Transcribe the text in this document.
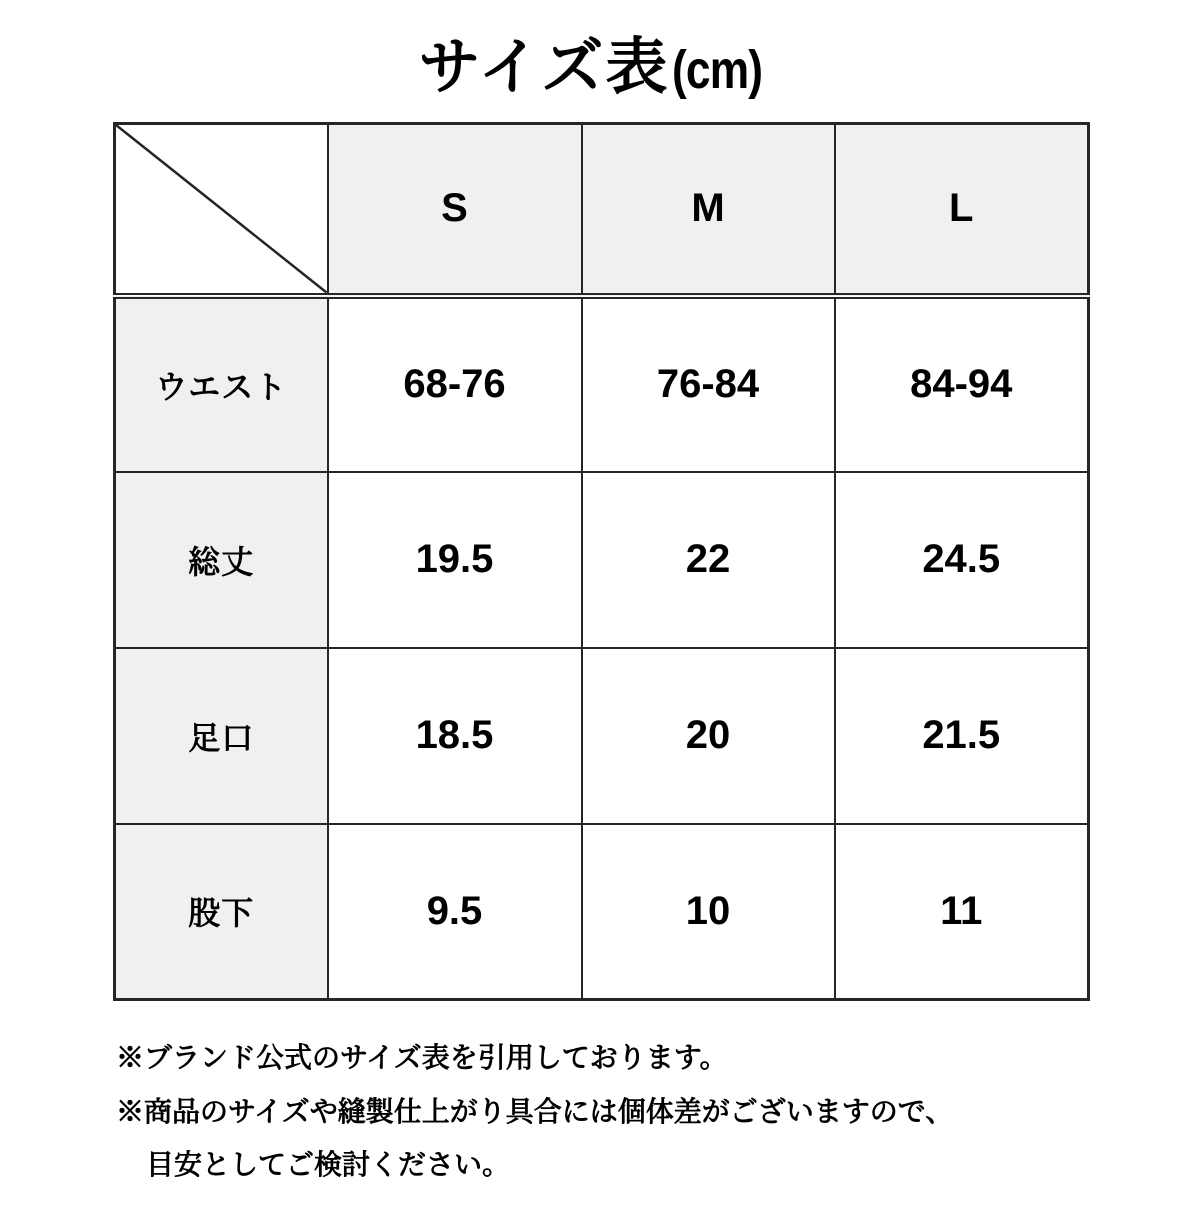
サイズ表(cm)
	S	M	L
ウエスト	68-76	76-84	84-94
総丈	19.5	22	24.5
足口	18.5	20	21.5
股下	9.5	10	11

※ブランド公式のサイズ表を引用しております。

※商品のサイズや縫製仕上がり具合には個体差がございますので、

目安としてご検討ください。
